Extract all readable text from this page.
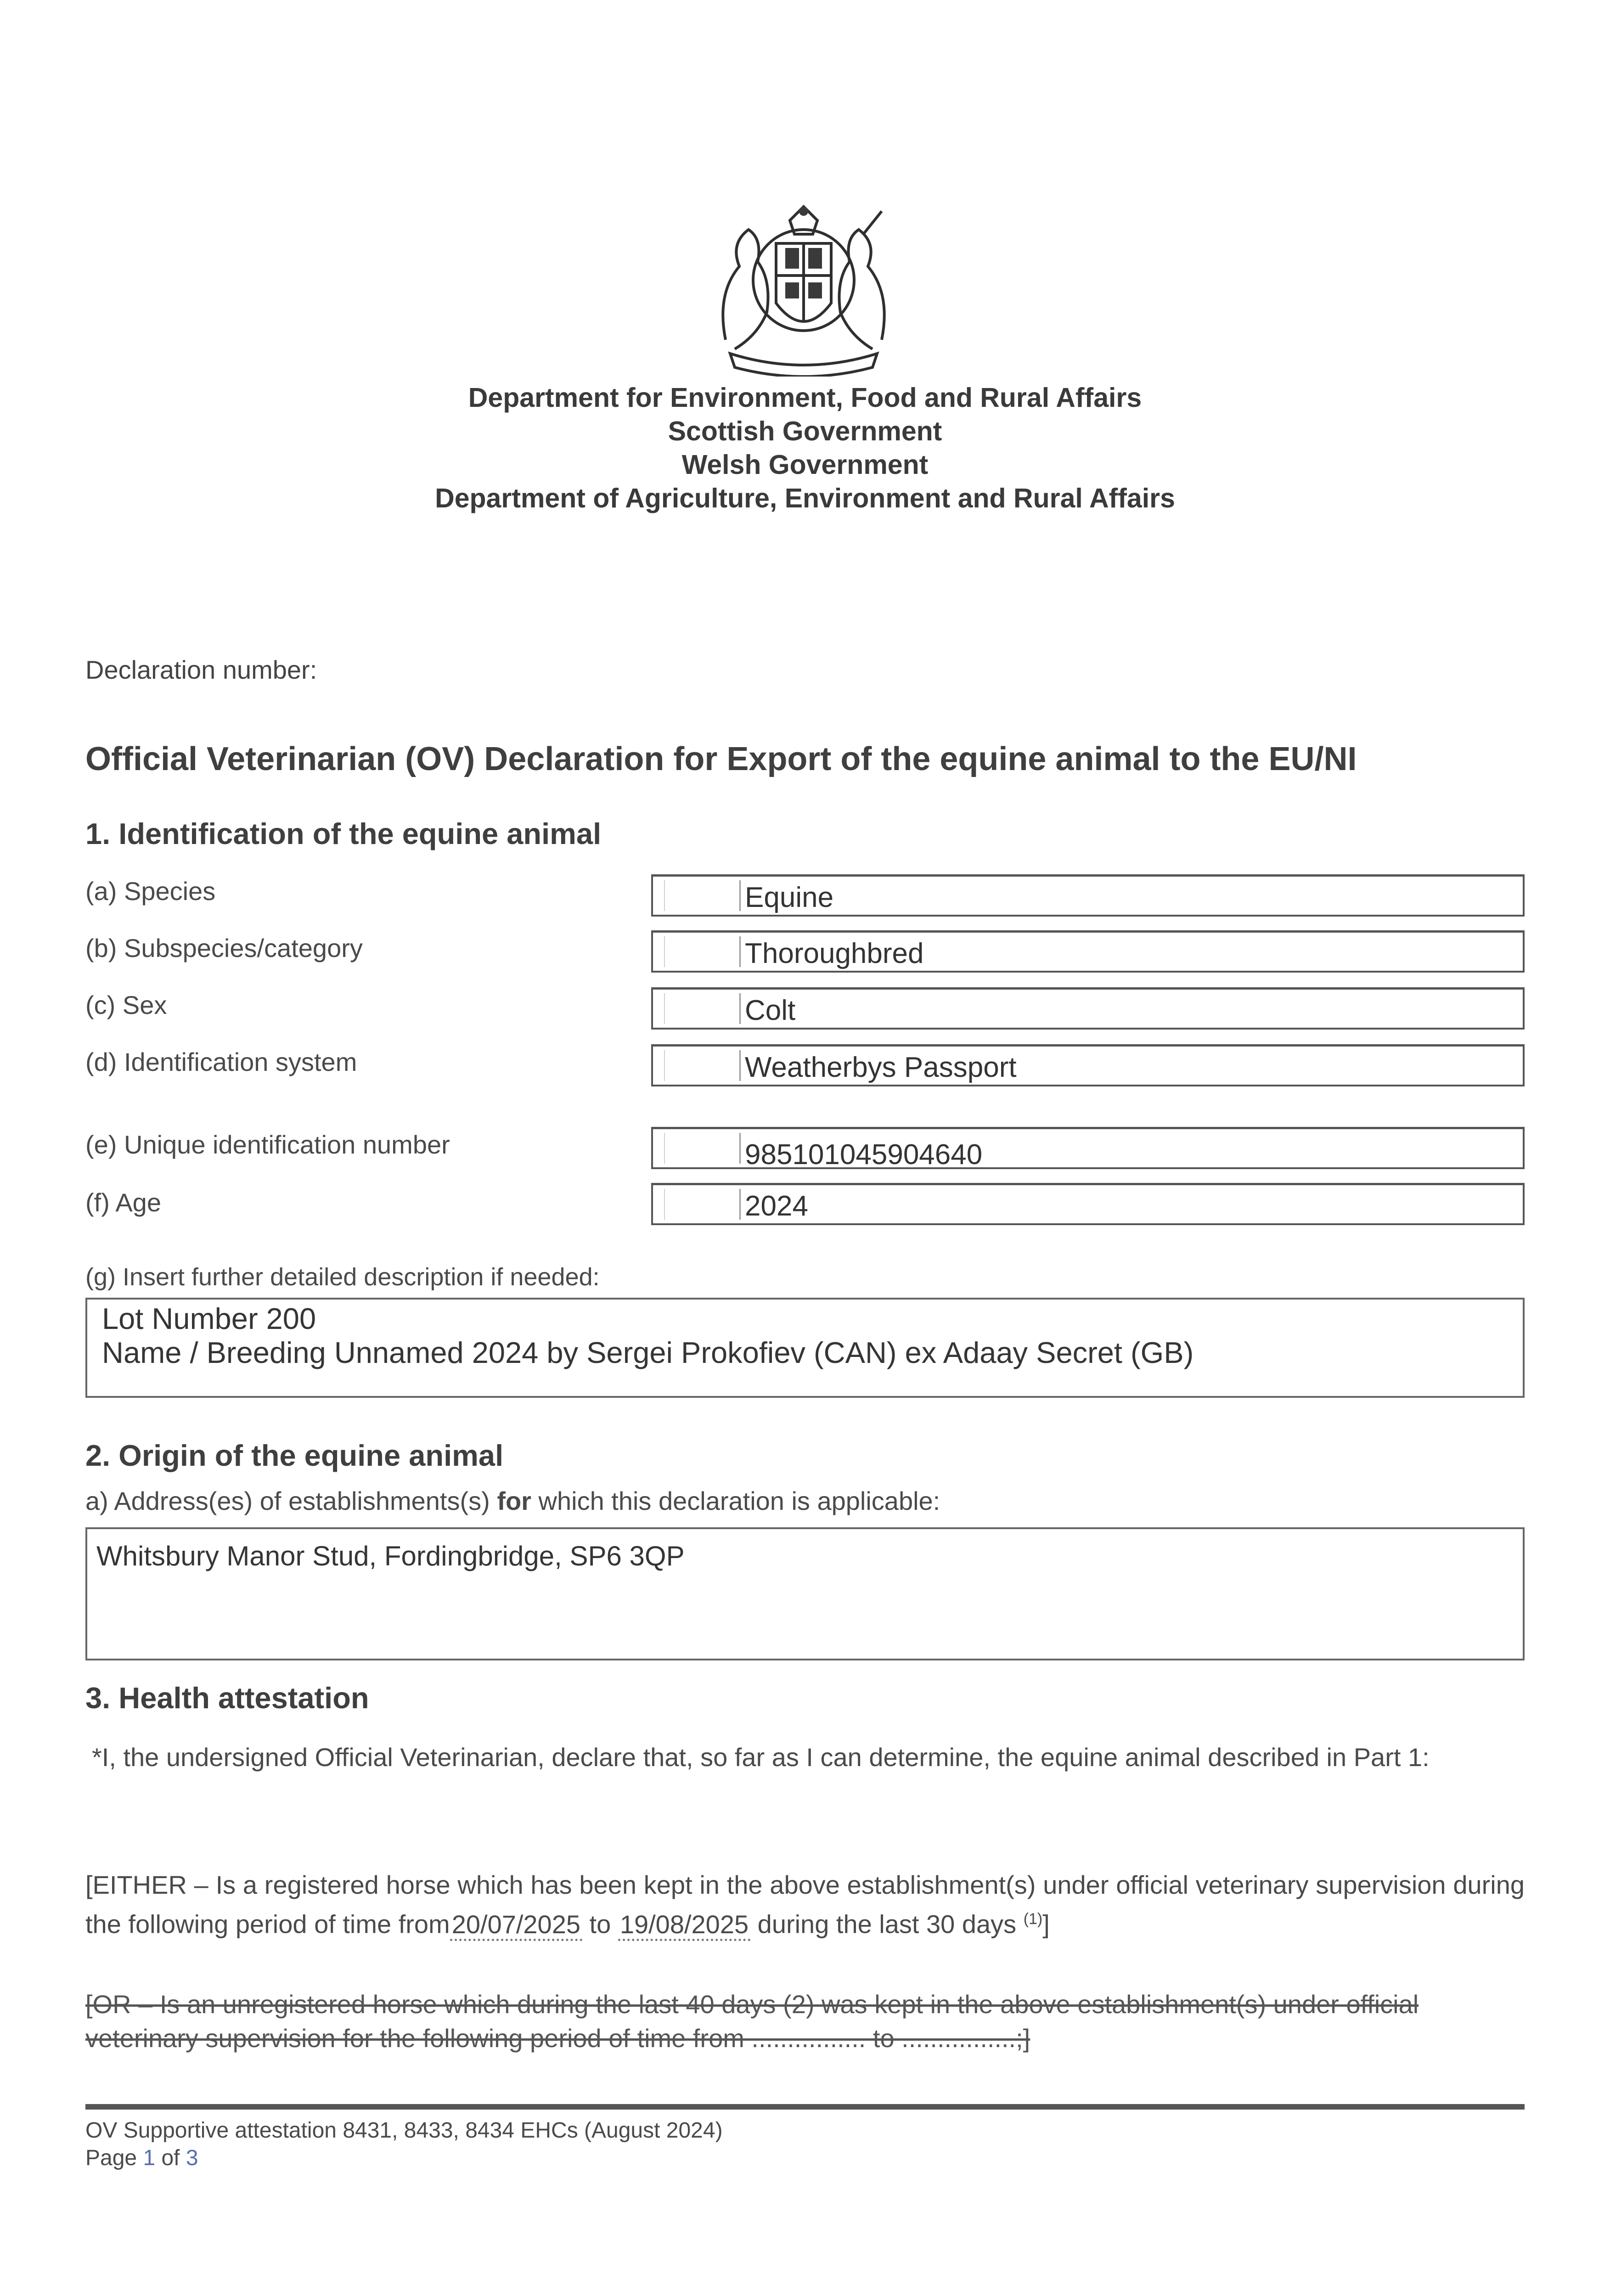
Department for Environment, Food and Rural Affairs
Scottish Government
Welsh Government
Department of Agriculture, Environment and Rural Affairs
Declaration number:
Official Veterinarian (OV) Declaration for Export of the equine animal to the EU/NI
1. Identification of the equine animal
(a) Species	Equine
(b) Subspecies/category	Thoroughbred
(c) Sex	Colt
(d) Identification system	Weatherbys Passport
(e) Unique identification number	985101045904640
(f) Age	2024
(g) Insert further detailed description if needed:
Lot Number 200
Name / Breeding Unnamed 2024 by Sergei Prokofiev (CAN) ex Adaay Secret (GB)
2. Origin of the equine animal
a) Address(es) of establishments(s) for which this declaration is applicable:
Whitsbury Manor Stud, Fordingbridge, SP6 3QP
3. Health attestation
*I, the undersigned Official Veterinarian, declare that, so far as I can determine, the equine animal described in Part 1:
[EITHER – Is a registered horse which has been kept in the above establishment(s) under official veterinary supervision during the following period of time from20/07/2025 to 19/08/2025 during the last 30 days $^{(1)}$]
[OR – Is an unregistered horse which during the last 40 days (2) was kept in the above establishment(s) under official
veterinary supervision for the following period of time from ................ to ................;]
OV Supportive attestation 8431, 8433, 8434 EHCs (August 2024)
Page 1 of 3
